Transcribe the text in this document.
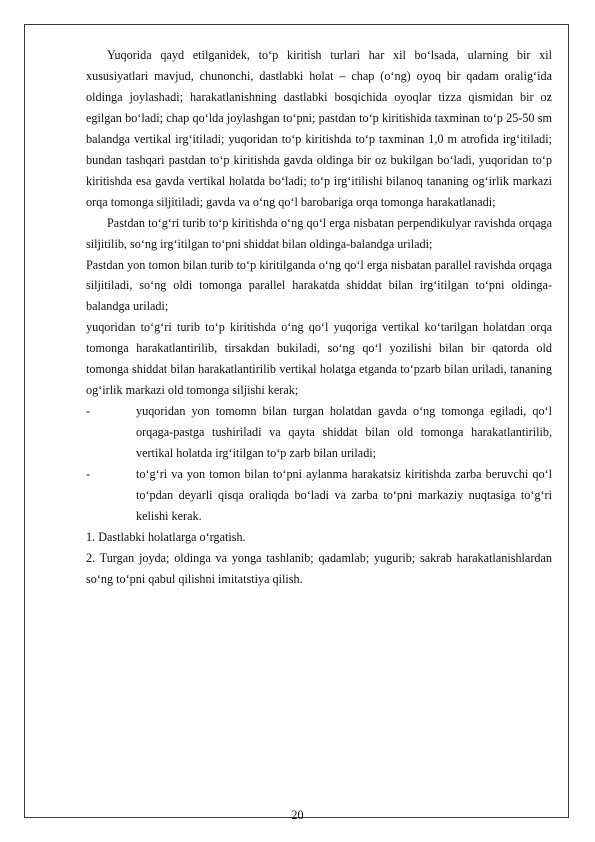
Yuqorida qayd etilganidek, to‘p kiritish turlari har xil bo‘lsada, ularning bir xil xususiyatlari mavjud, chunonchi, dastlabki holat – chap (o‘ng) oyoq bir qadam oralig‘ida oldinga joylashadi; harakatlanishning dastlabki bosqichida oyoqlar tizza qismidan bir oz egilgan bo‘ladi; chap qo‘lda joylashgan to‘pni; pastdan to‘p kiritishida taxminan to‘p 25-50 sm balandga vertikal irg‘itiladi; yuqoridan to‘p kiritishda to‘p taxminan 1,0 m atrofida irg‘itiladi; bundan tashqari pastdan to‘p kiritishda gavda oldinga bir oz bukilgan bo‘ladi, yuqoridan to‘p kiritishda esa gavda vertikal holatda bo‘ladi; to‘p irg‘itilishi bilanoq tananing og‘irlik markazi orqa tomonga siljitiladi; gavda va o‘ng qo‘l barobariga orqa tomonga harakatlanadi;

Pastdan to‘g‘ri turib to‘p kiritishda o‘ng qo‘l erga nisbatan perpendikulyar ravishda orqaga siljitilib, so‘ng irg‘itilgan to‘pni shiddat bilan oldinga-balandga uriladi;

Pastdan yon tomon bilan turib to‘p kiritilganda o‘ng qo‘l erga nisbatan parallel ravishda orqaga siljitiladi, so‘ng oldi tomonga parallel harakatda shiddat bilan irg‘itilgan to‘pni oldinga-balandga uriladi;

yuqoridan to‘g‘ri turib to‘p kiritishda o‘ng qo‘l yuqoriga vertikal ko‘tarilgan holatdan orqa tomonga harakatlantirilib, tirsakdan bukiladi, so‘ng qo‘l yozilishi bilan bir qatorda old tomonga shiddat bilan harakatlantirilib vertikal holatga etganda to‘pzarb bilan uriladi, tananing og‘irlik markazi old tomonga siljishi kerak;

-	yuqoridan yon tomomn bilan turgan holatdan gavda o‘ng tomonga egiladi, qo‘l orqaga-pastga tushiriladi va qayta shiddat bilan old tomonga harakatlantirilib, vertikal holatda irg‘itilgan to‘p zarb bilan uriladi;
-	to‘g‘ri va yon tomon bilan to‘pni aylanma harakatsiz kiritishda zarba beruvchi qo‘l to‘pdan deyarli qisqa oraliqda bo‘ladi va zarba to‘pni markaziy nuqtasiga to‘g‘ri kelishi kerak.

1. Dastlabki holatlarga o‘rgatish.

2. Turgan joyda; oldinga va yonga tashlanib; qadamlab; yugurib; sakrab harakatlanishlardan so‘ng to‘pni qabul qilishni imitatstiya qilish.

20
